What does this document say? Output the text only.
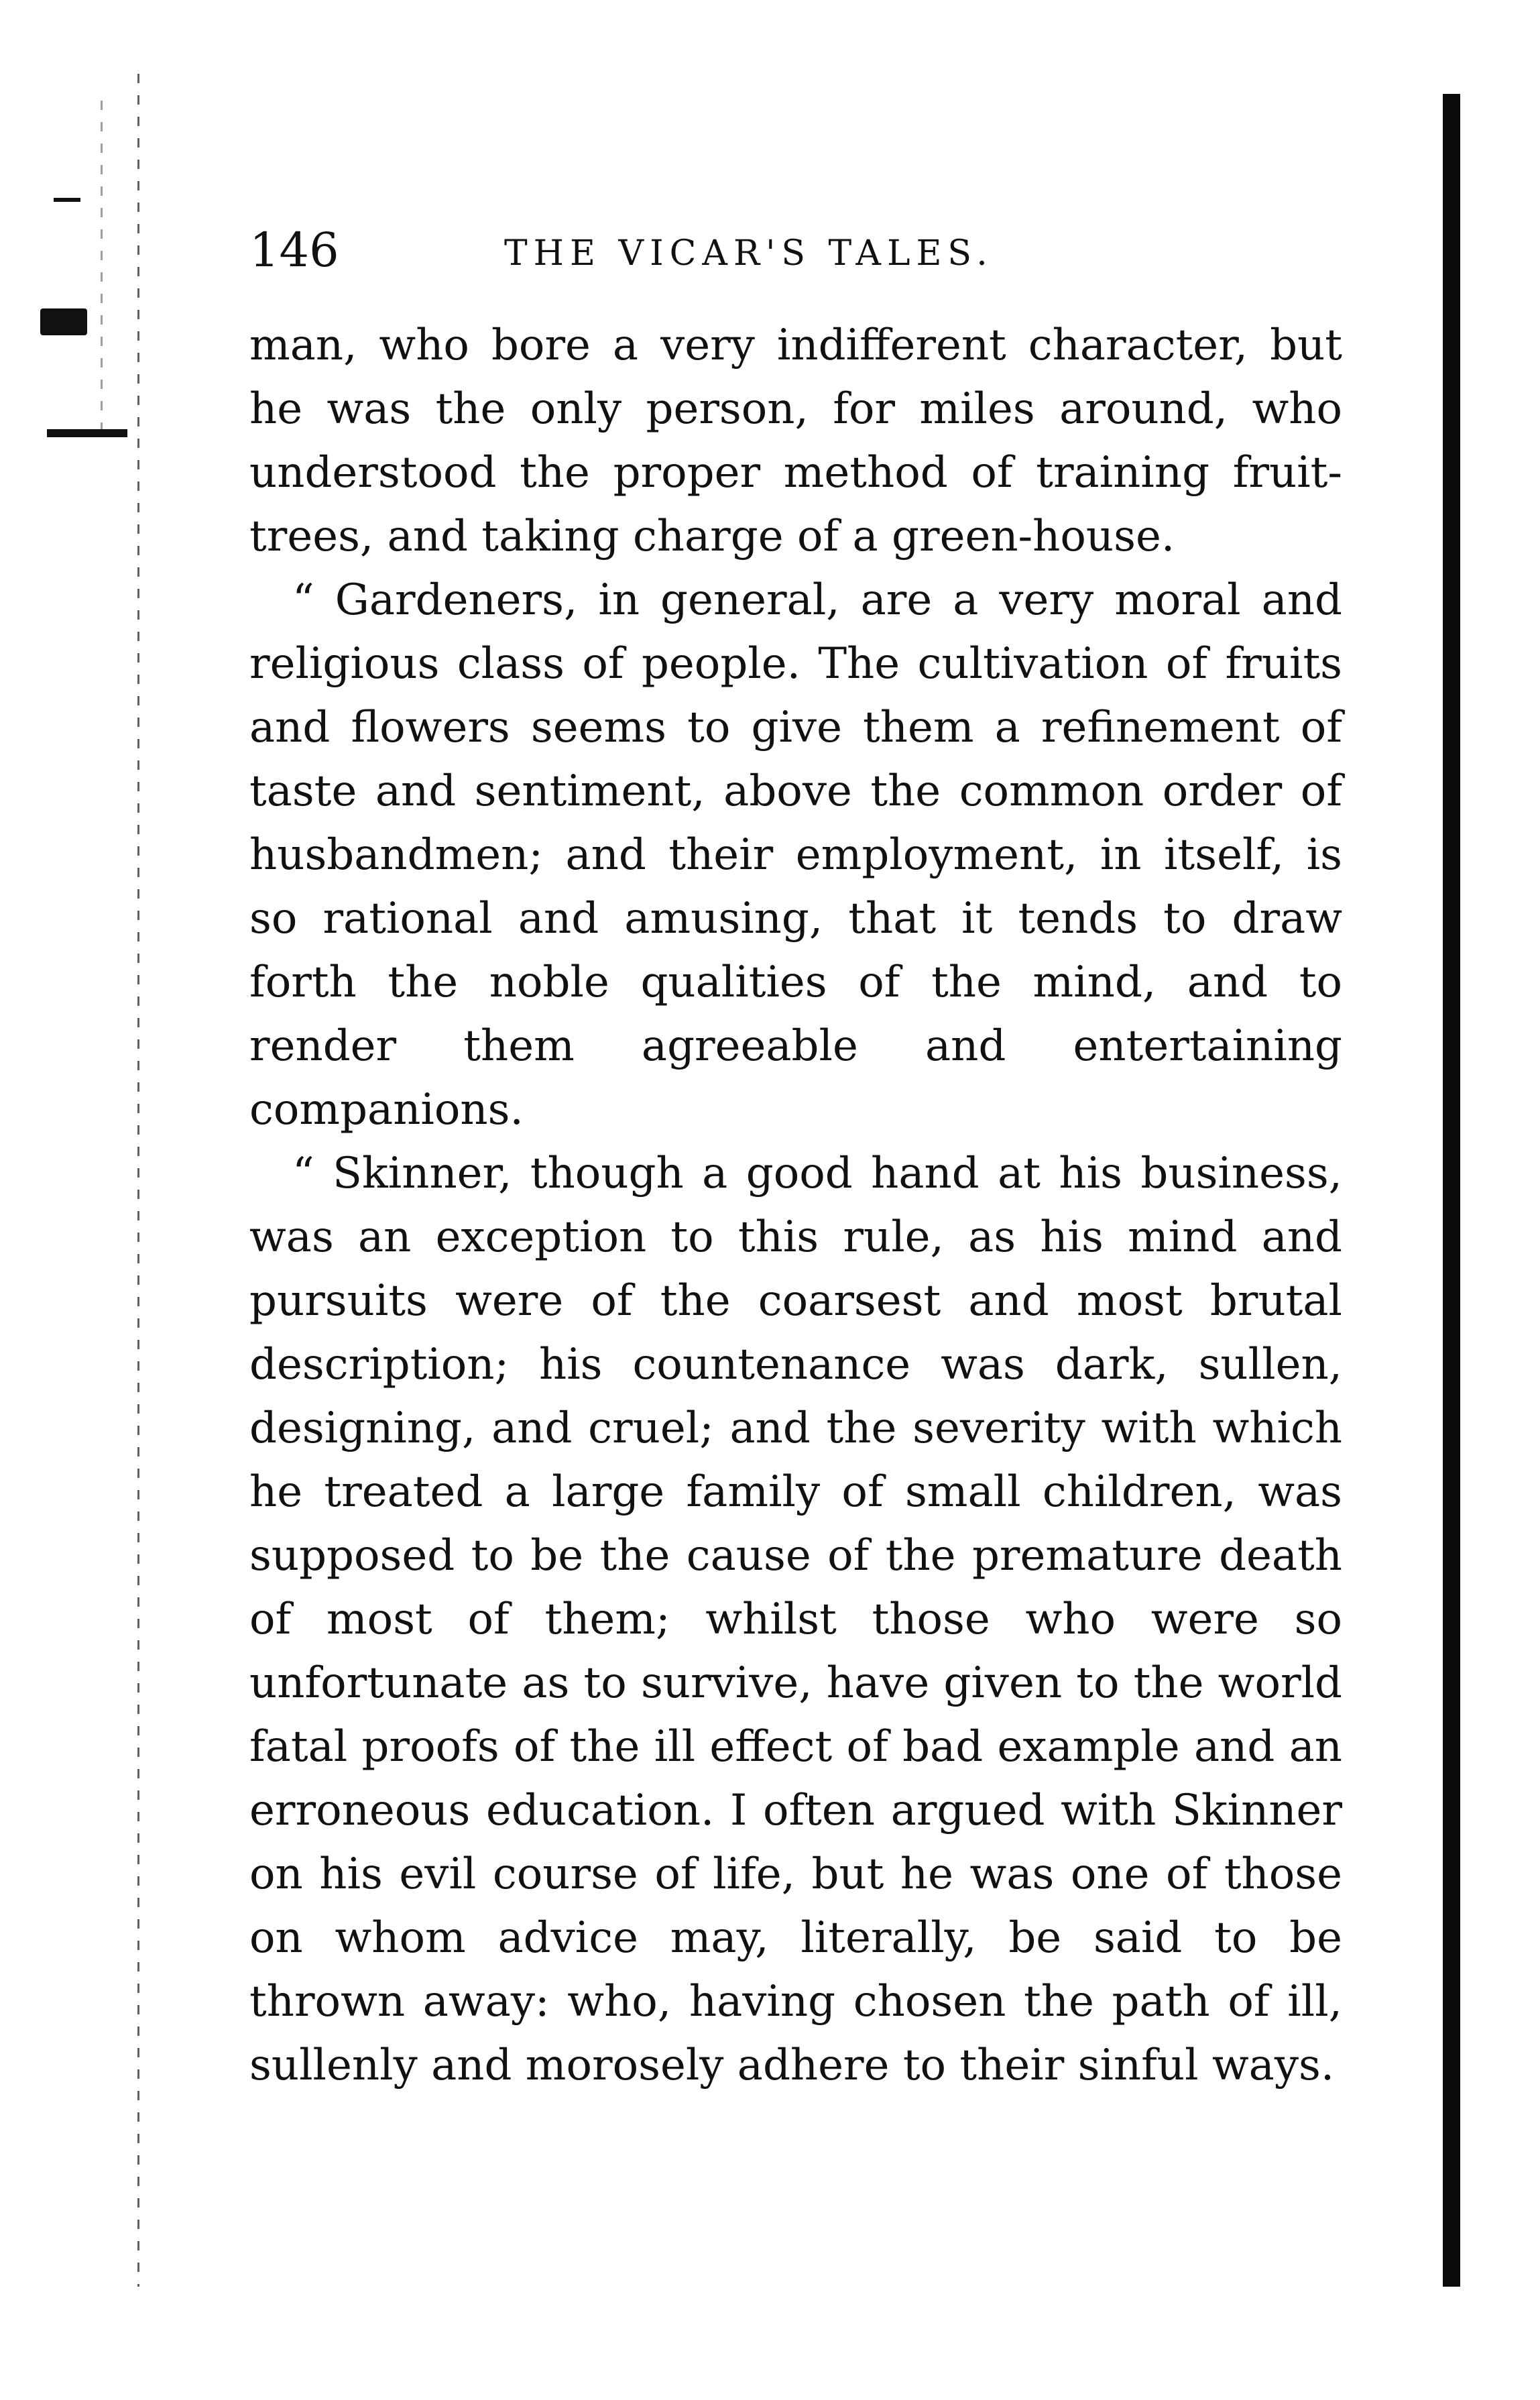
146	THE VICAR'S TALES.

man, who bore a very indifferent character, but he was the only person, for miles around, who understood the proper method of training fruit-trees, and taking charge of a green-house.

“ Gardeners, in general, are a very moral and religious class of people. The cultivation of fruits and flowers seems to give them a refinement of taste and sentiment, above the common order of husbandmen; and their employment, in itself, is so rational and amusing, that it tends to draw forth the noble qualities of the mind, and to render them agreeable and entertaining companions.

“ Skinner, though a good hand at his business, was an exception to this rule, as his mind and pursuits were of the coarsest and most brutal description; his countenance was dark, sullen, designing, and cruel; and the severity with which he treated a large family of small children, was supposed to be the cause of the premature death of most of them; whilst those who were so unfortunate as to survive, have given to the world fatal proofs of the ill effect of bad example and an erroneous education. I often argued with Skinner on his evil course of life, but he was one of those on whom advice may, literally, be said to be thrown away: who, having chosen the path of ill, sullenly and morosely adhere to their sinful ways.
